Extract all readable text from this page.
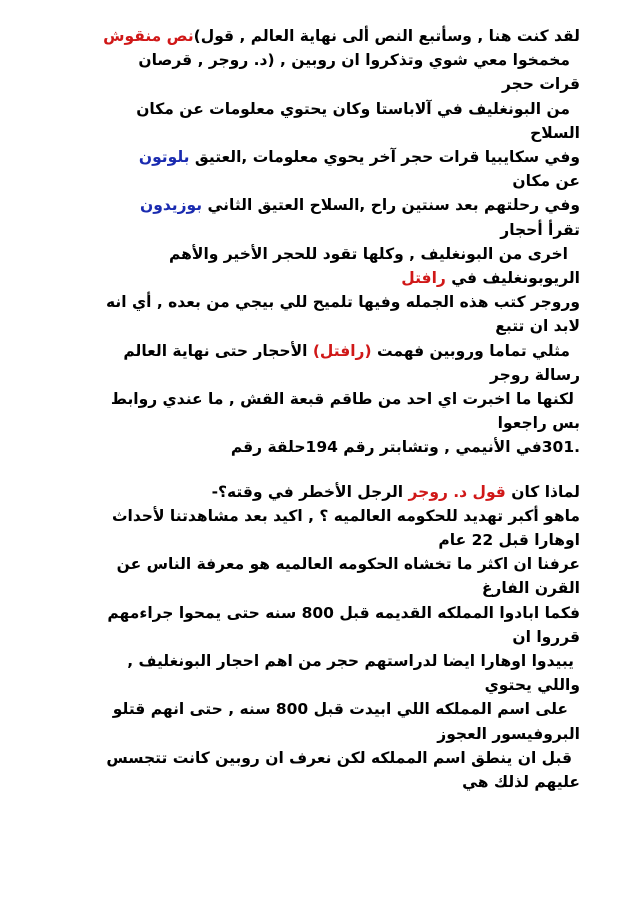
لقد كنت هنا , وسأتبع النص ألى نهاية العالم , قول)نص منقوش
مخمخوا معي شوي وتذكروا ان روبين , (د. روجر , قرصان
قرات حجر
من البونغليف في آلاباستا وكان يحتوي معلومات عن مكان
السلاح
وفي سكايبيا قرات حجر آخر يحوي معلومات ,العتيق بلوتون
عن مكان
وفي رحلتهم بعد سنتين راح ,السلاح العتيق الثاني بوزيدون
تقرأ أحجار
اخرى من البونغليف , وكلها تقود للحجر الأخير والأهم
الريوبونغليف في رافتل
وروجر كتب هذه الجمله وفيها تلميح للي بيجي من بعده , أي انه
لابد ان تتبع
مثلي تماما وروبين فهمت (رافتل) الأحجار حتى نهاية العالم
رسالة روجر
لكنها ما اخبرت اي احد من طاقم قبعة القش , ما عندي روابط
بس راجعوا
.301في الأنيمي , وتشابتر رقم 194حلقة رقم
لماذا كان قول د. روجر الرجل الأخطر في وقته؟-
ماهو أكبر تهديد للحكومه العالميه ؟ , اكيد بعد مشاهدتنا لأحداث
اوهارا قبل 22 عام
عرفنا ان اكثر ما تخشاه الحكومه العالميه هو معرفة الناس عن
القرن الفارغ
فكما ابادوا المملكه القديمه قبل 800 سنه حتى يمحوا جراءمهم
قرروا ان
يبيدوا اوهارا ايضا لدراستهم حجر من اهم احجار البونغليف ,
واللي يحتوي
على اسم المملكه اللي ابيدت قبل 800 سنه , حتى انهم قتلو
البروفيسور العجوز
قبل ان ينطق اسم المملكه لكن نعرف ان روبين كانت تتجسس
عليهم لذلك هي
